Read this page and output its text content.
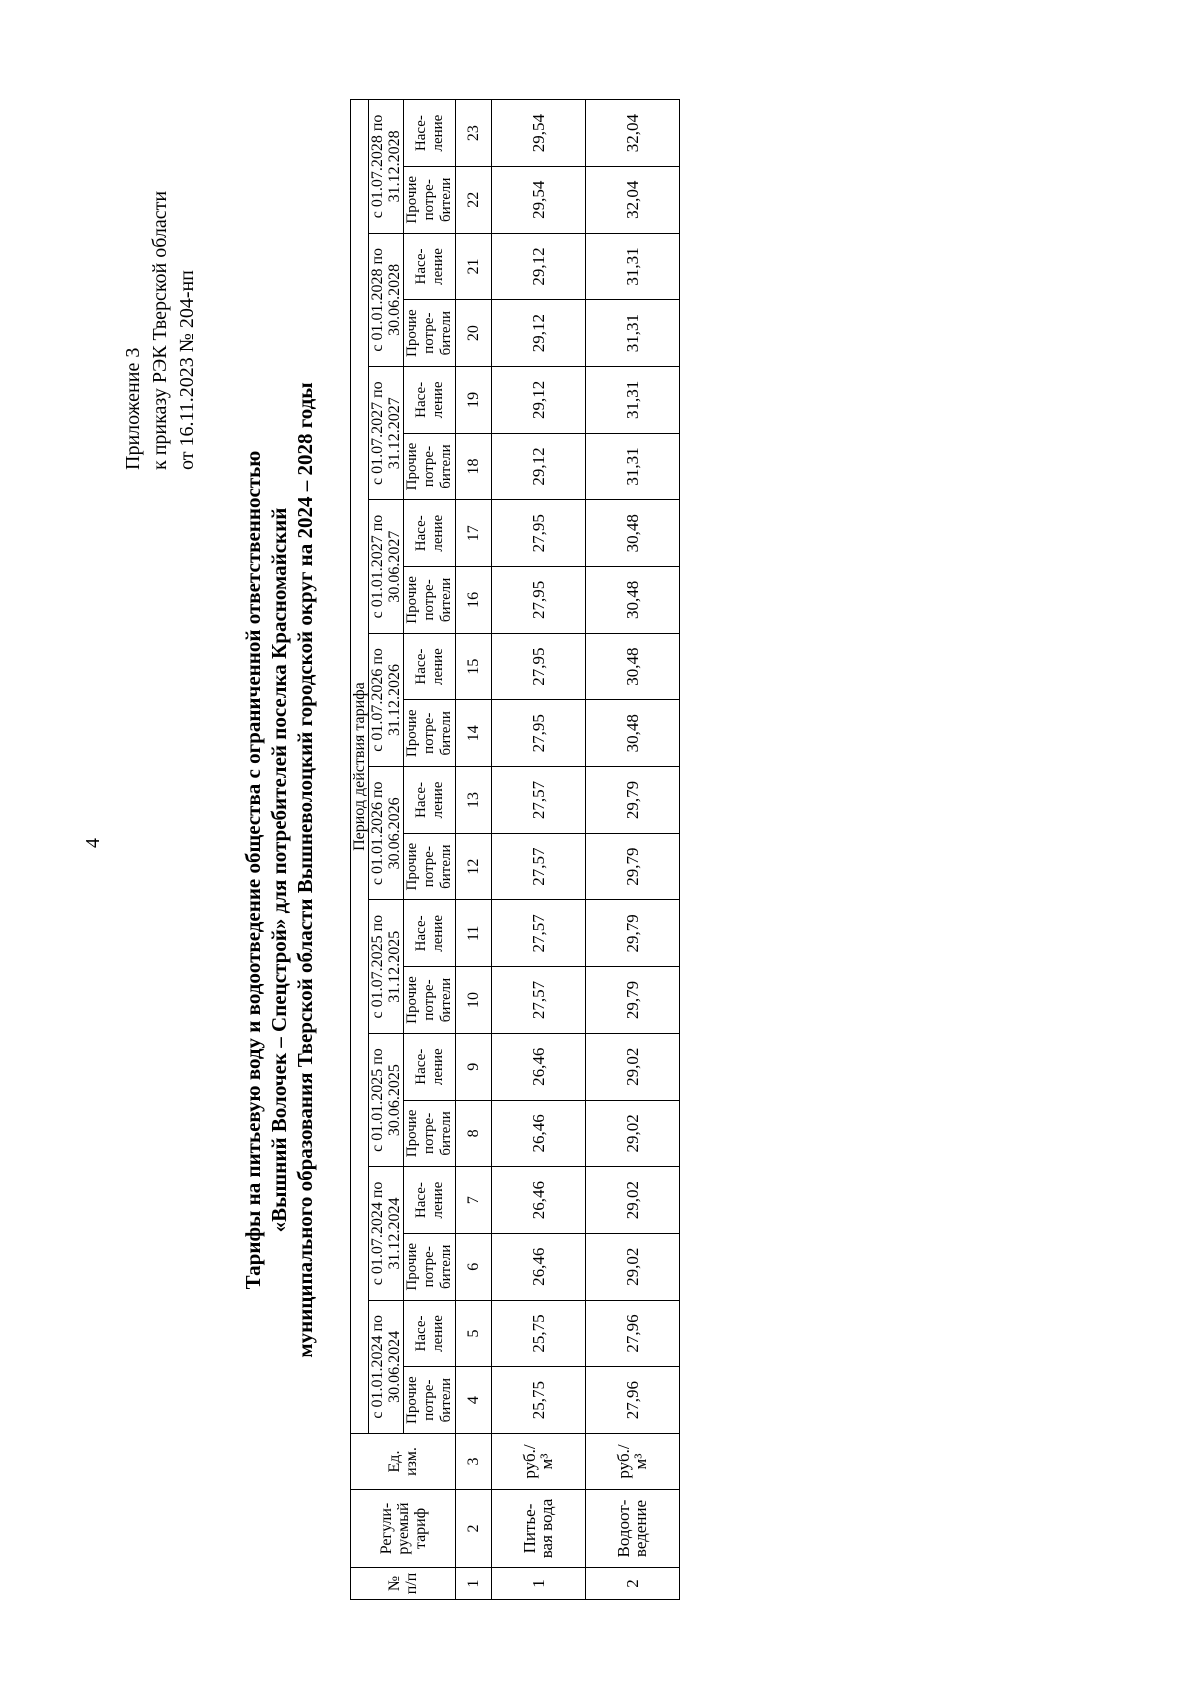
4
Приложение 3 к приказу РЭК Тверской области от 16.11.2023 № 204-нп
Тарифы на питьевую воду и водоотведение общества с ограниченной ответственностью «Вышний Волочек – Спецстрой» для потребителей поселка Красномайский муниципального образования Тверской области Вышневолоцкий городской округ на 2024 – 2028 годы
№ п/п	Регули- руемый тариф	Ед. изм.	Период действия тарифа																			
			с 01.01.2024 по 30.06.2024		с 01.07.2024 по 31.12.2024		с 01.01.2025 по 30.06.2025		с 01.07.2025 по 31.12.2025		с 01.01.2026 по 30.06.2026		с 01.07.2026 по 31.12.2026		с 01.01.2027 по 30.06.2027		с 01.07.2027 по 31.12.2027		с 01.01.2028 по 30.06.2028		с 01.07.2028 по 31.12.2028	
			Прочие потре- бители	Насе- ление	Прочие потре- бители	Насе- ление	Прочие потре- бители	Насе- ление	Прочие потре- бители	Насе- ление	Прочие потре- бители	Насе- ление	Прочие потре- бители	Насе- ление	Прочие потре- бители	Насе- ление	Прочие потре- бители	Насе- ление	Прочие потре- бители	Насе- ление	Прочие потре- бители	Насе- ление
1	2	3	4	5	6	7	8	9	10	11	12	13	14	15	16	17	18	19	20	21	22	23
1	Питье- вая вода	руб./ м³	25,75	25,75	26,46	26,46	26,46	26,46	27,57	27,57	27,57	27,57	27,95	27,95	27,95	27,95	29,12	29,12	29,12	29,12	29,54	29,54
2	Водоот- ведение	руб./ м³	27,96	27,96	29,02	29,02	29,02	29,02	29,79	29,79	29,79	29,79	30,48	30,48	30,48	30,48	31,31	31,31	31,31	31,31	32,04	32,04
